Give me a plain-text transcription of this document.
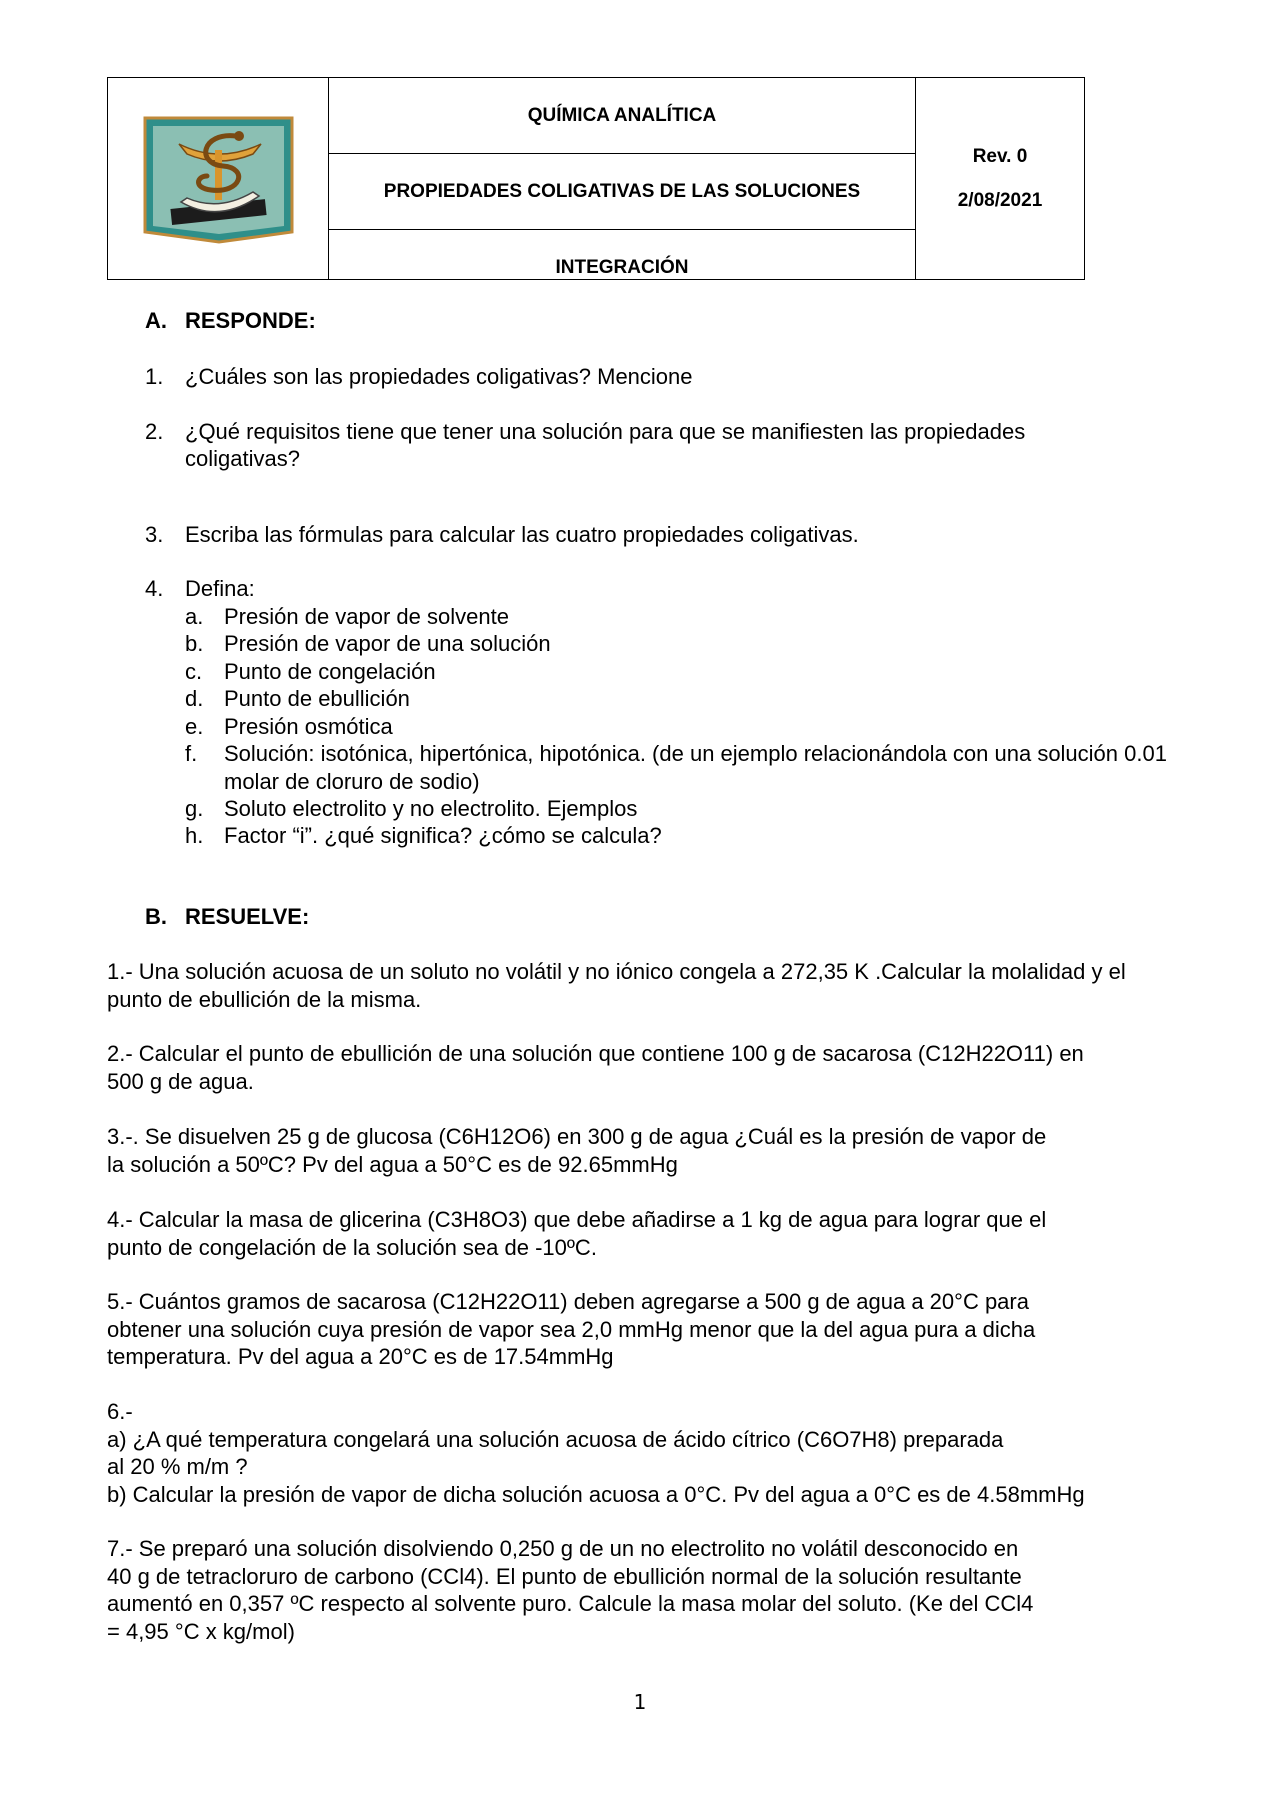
	QUÍMICA ANALÍTICA	
Rev. 0
2/08/2021

PROPIEDADES COLIGATIVAS DE LAS SOLUCIONES
INTEGRACIÓN
A. RESPONDE:
1. ¿Cuáles son las propiedades coligativas? Mencione
2. ¿Qué requisitos tiene que tener una solución para que se manifiesten las propiedades coligativas?
3. Escriba las fórmulas para calcular las cuatro propiedades coligativas.
4. Defina:
a. Presión de vapor de solvente
b. Presión de vapor de una solución
c. Punto de congelación
d. Punto de ebullición
e. Presión osmótica
f. Solución: isotónica, hipertónica, hipotónica. (de un ejemplo relacionándola con una solución 0.01 molar de cloruro de sodio)
g. Soluto electrolito y no electrolito. Ejemplos
h. Factor “i”. ¿qué significa? ¿cómo se calcula?
B. RESUELVE:
1.- Una solución acuosa de un soluto no volátil y no iónico congela a 272,35 K .Calcular la molalidad y el
punto de ebullición de la misma.
2.- Calcular el punto de ebullición de una solución que contiene 100 g de sacarosa (C12H22O11) en
500 g de agua.
3.-. Se disuelven 25 g de glucosa (C6H12O6) en 300 g de agua ¿Cuál es la presión de vapor de
la solución a 50ºC? Pv del agua a 50°C es de 92.65mmHg
4.- Calcular la masa de glicerina (C3H8O3) que debe añadirse a 1 kg de agua para lograr que el
punto de congelación de la solución sea de -10ºC.
5.- Cuántos gramos de sacarosa (C12H22O11) deben agregarse a 500 g de agua a 20°C para
obtener una solución cuya presión de vapor sea 2,0 mmHg menor que la del agua pura a dicha
temperatura. Pv del agua a 20°C es de 17.54mmHg
6.-
a) ¿A qué temperatura congelará una solución acuosa de ácido cítrico (C6O7H8) preparada
al 20 % m/m ?
b) Calcular la presión de vapor de dicha solución acuosa a 0°C. Pv del agua a 0°C es de 4.58mmHg
7.- Se preparó una solución disolviendo 0,250 g de un no electrolito no volátil desconocido en
40 g de tetracloruro de carbono (CCl4). El punto de ebullición normal de la solución resultante
aumentó en 0,357 ºC respecto al solvente puro. Calcule la masa molar del soluto. (Ke del CCl4
= 4,95 °C x kg/mol)
1
